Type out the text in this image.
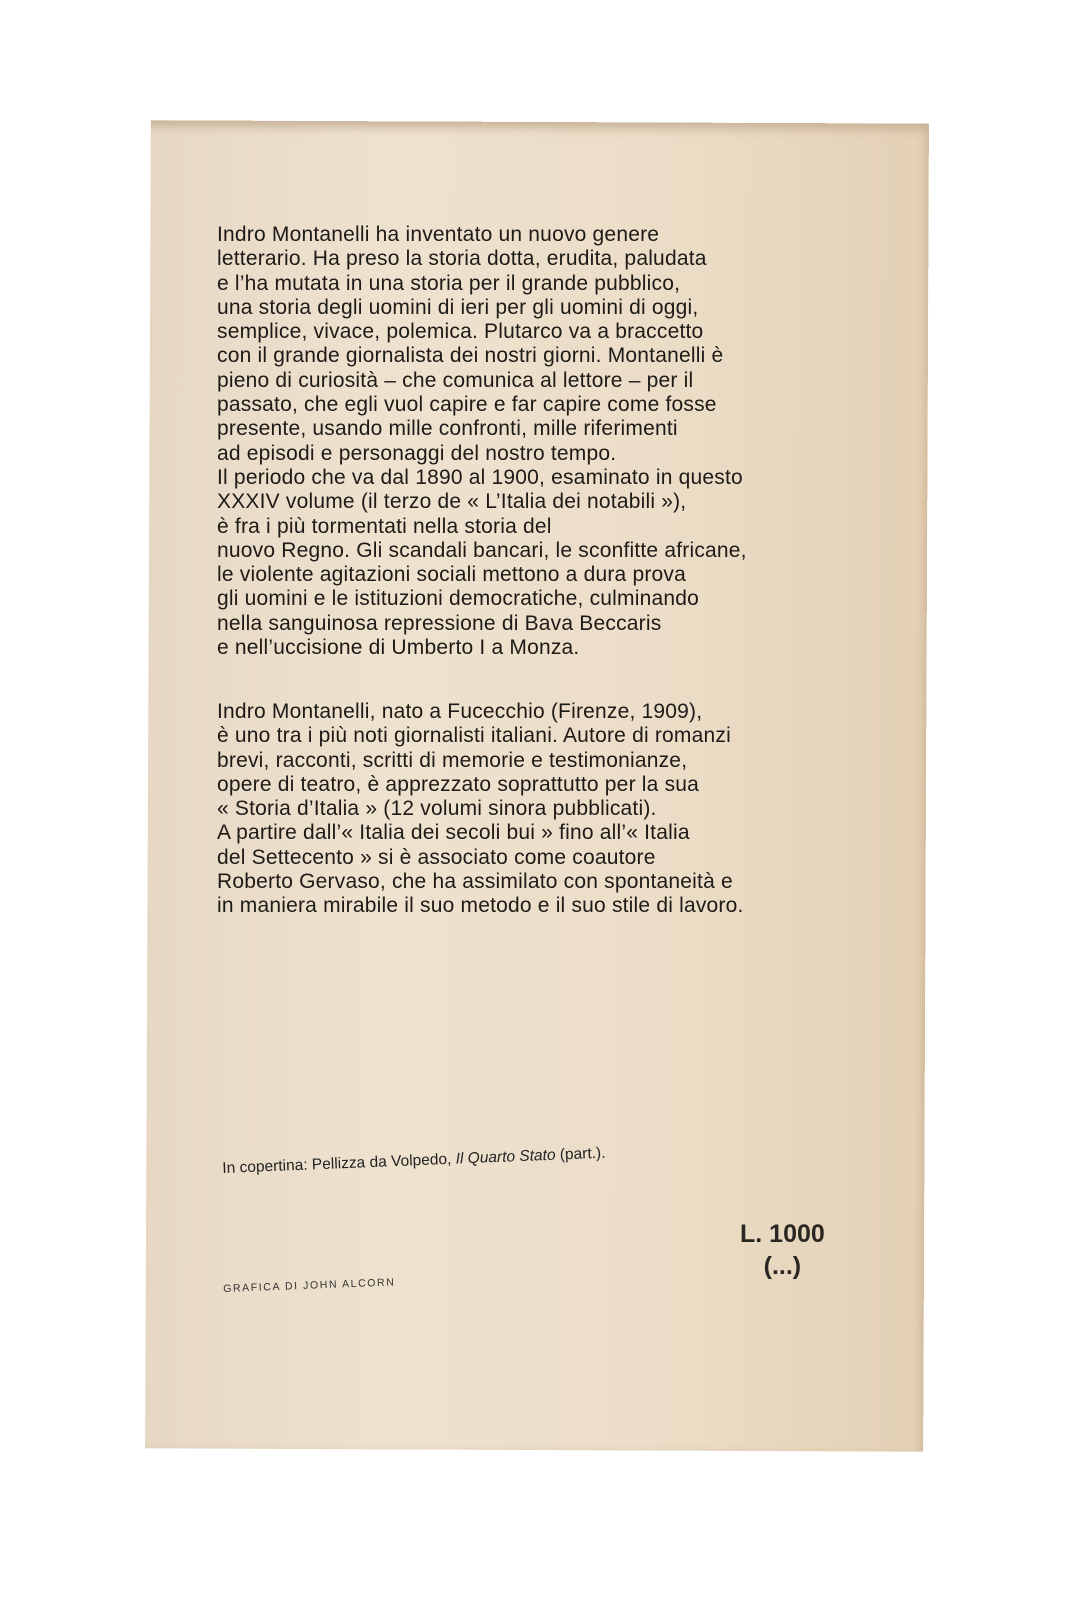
Indro Montanelli ha inventato un nuovo genere
letterario. Ha preso la storia dotta, erudita, paludata
e l’ha mutata in una storia per il grande pubblico,
una storia degli uomini di ieri per gli uomini di oggi,
semplice, vivace, polemica. Plutarco va a braccetto
con il grande giornalista dei nostri giorni. Montanelli è
pieno di curiosità – che comunica al lettore – per il
passato, che egli vuol capire e far capire come fosse
presente, usando mille confronti, mille riferimenti
ad episodi e personaggi del nostro tempo.
Il periodo che va dal 1890 al 1900, esaminato in questo
XXXIV volume (il terzo de « L’Italia dei notabili »),
è fra i più tormentati nella storia del
nuovo Regno. Gli scandali bancari, le sconfitte africane,
le violente agitazioni sociali mettono a dura prova
gli uomini e le istituzioni democratiche, culminando
nella sanguinosa repressione di Bava Beccaris
e nell’uccisione di Umberto I a Monza.
Indro Montanelli, nato a Fucecchio (Firenze, 1909),
è uno tra i più noti giornalisti italiani. Autore di romanzi
brevi, racconti, scritti di memorie e testimonianze,
opere di teatro, è apprezzato soprattutto per la sua
« Storia d’Italia » (12 volumi sinora pubblicati).
A partire dall’« Italia dei secoli bui » fino all’« Italia
del Settecento » si è associato come coautore
Roberto Gervaso, che ha assimilato con spontaneità e
in maniera mirabile il suo metodo e il suo stile di lavoro.
In copertina: Pellizza da Volpedo, Il Quarto Stato (part.).
L. 1000
(...)
GRAFICA DI JOHN ALCORN
